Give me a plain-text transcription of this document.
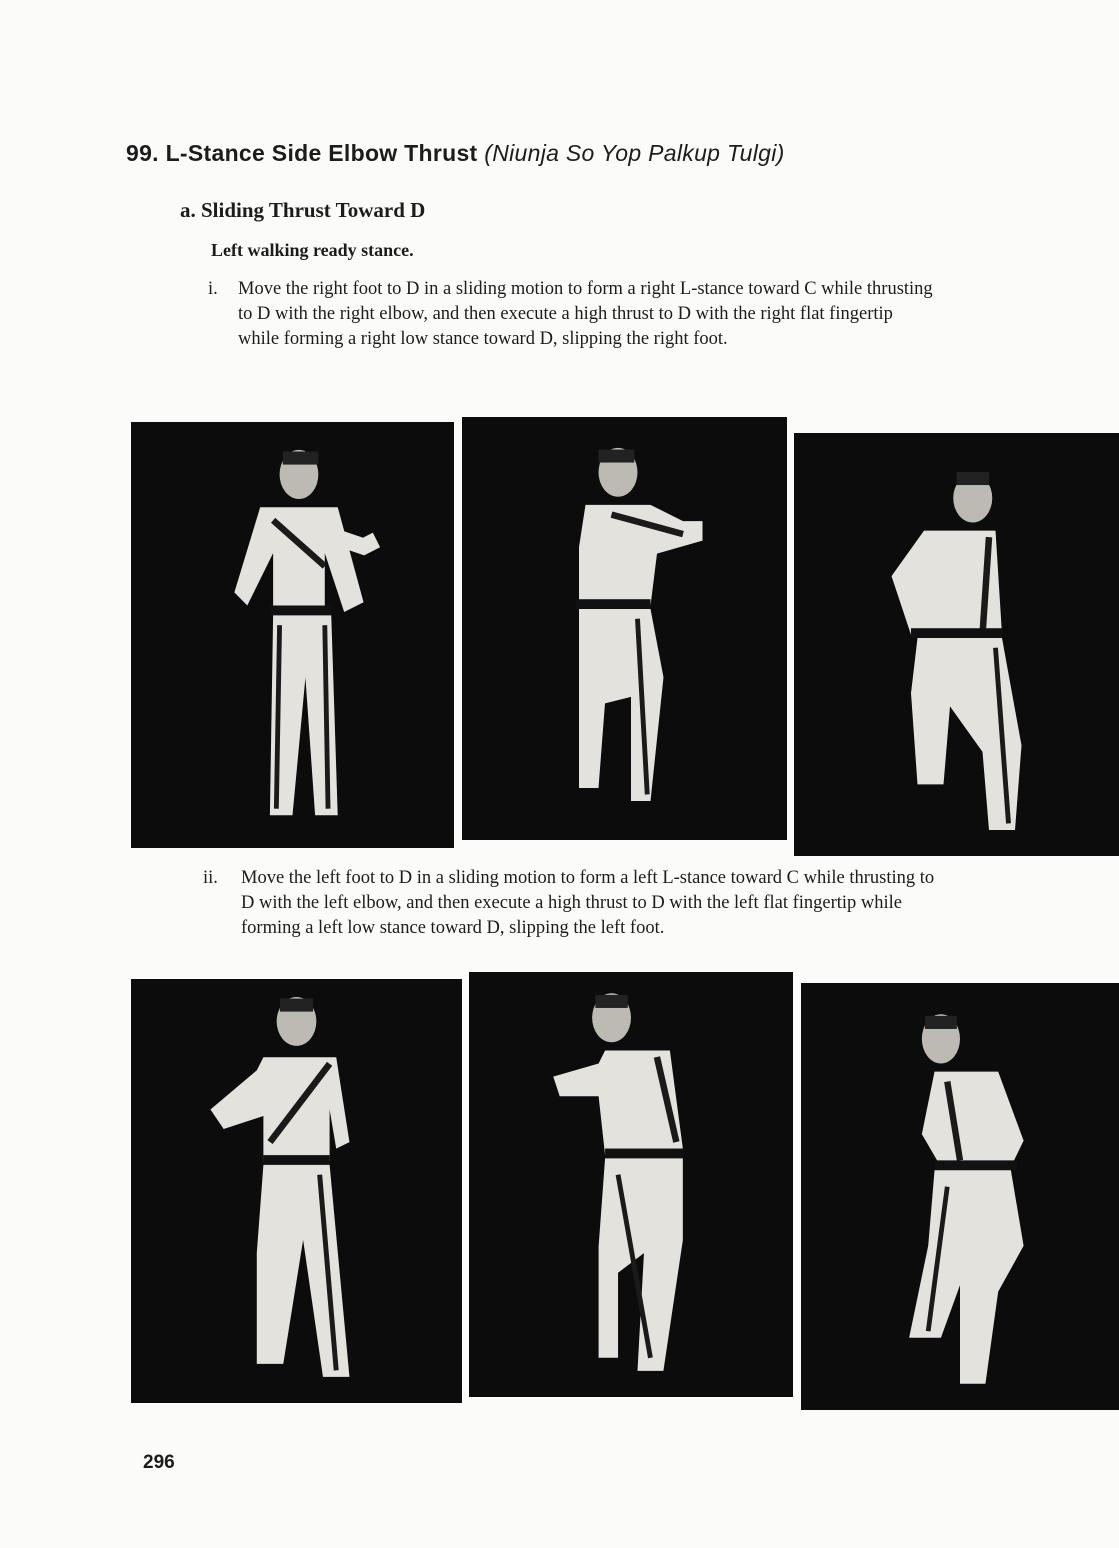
99. L-Stance Side Elbow Thrust (Niunja So Yop Palkup Tulgi)
a. Sliding Thrust Toward D
Left walking ready stance.
i. Move the right foot to D in a sliding motion to form a right L-stance toward C while thrusting to D with the right elbow, and then execute a high thrust to D with the right flat fingertip while forming a right low stance toward D, slipping the right foot.
ii. Move the left foot to D in a sliding motion to form a left L-stance toward C while thrusting to D with the left elbow, and then execute a high thrust to D with the left flat fingertip while forming a left low stance toward D, slipping the left foot.
296
